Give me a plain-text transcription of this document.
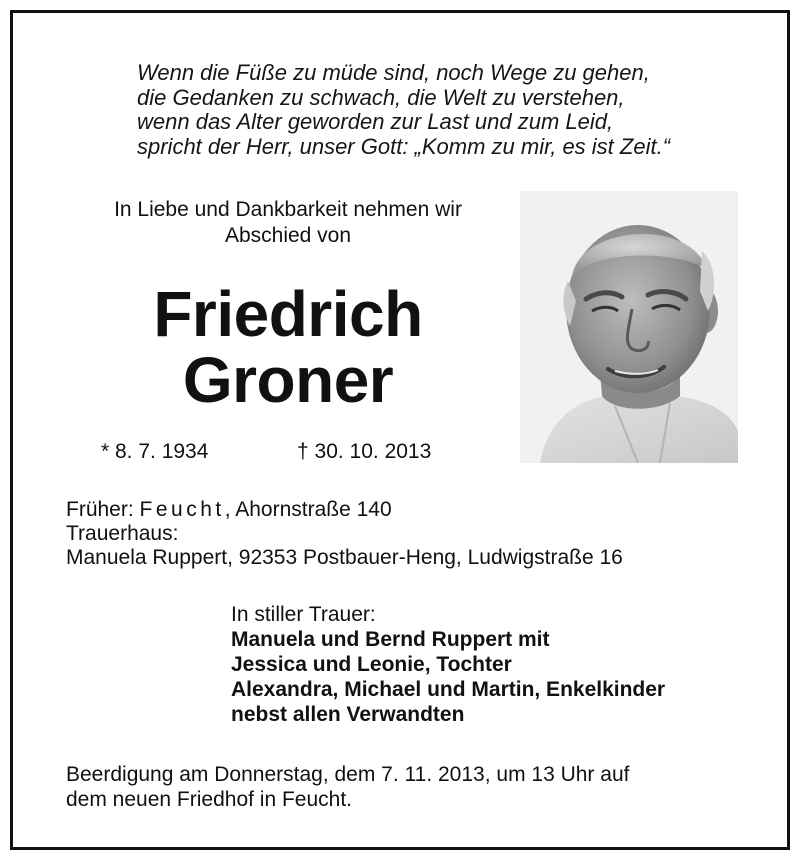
Wenn die Füße zu müde sind, noch Wege zu gehen,
die Gedanken zu schwach, die Welt zu verstehen,
wenn das Alter geworden zur Last und zum Leid,
spricht der Herr, unser Gott: „Komm zu mir, es ist Zeit.“
In Liebe und Dankbarkeit nehmen wir
Abschied von
Friedrich
Groner
* 8. 7. 1934	† 30. 10. 2013
Früher: Feucht, Ahornstraße 140
Trauerhaus:
Manuela Ruppert, 92353 Postbauer-Heng, Ludwigstraße 16
In stiller Trauer:
Manuela und Bernd Ruppert mit
Jessica und Leonie, Tochter
Alexandra, Michael und Martin, Enkelkinder
nebst allen Verwandten
Beerdigung am Donnerstag, dem 7. 11. 2013, um 13 Uhr auf
dem neuen Friedhof in Feucht.
